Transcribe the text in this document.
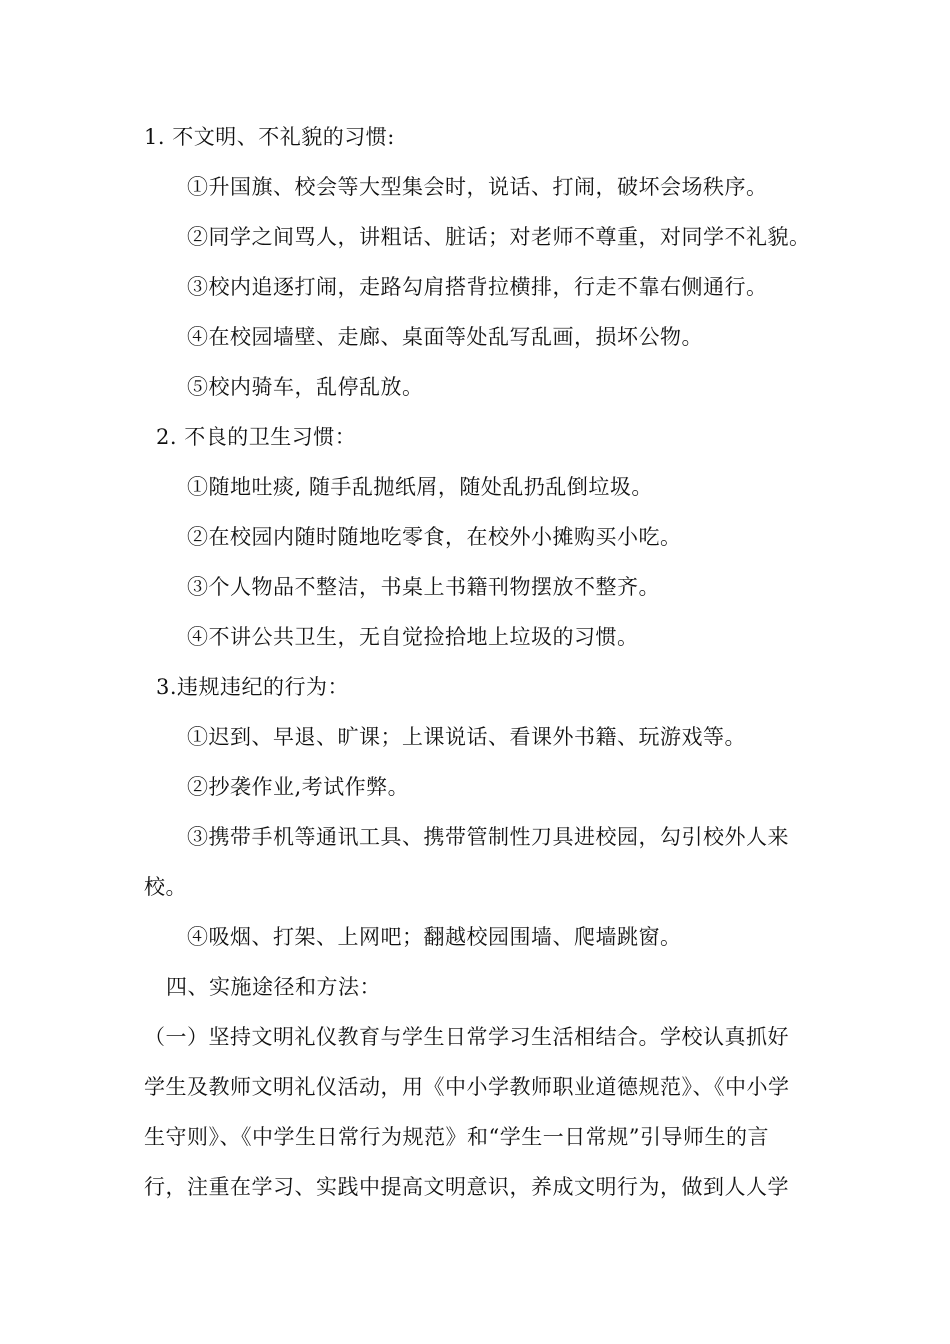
1. 不文明、不礼貌的习惯:
①升国旗、校会等大型集会时，说话、打闹，破坏会场秩序。
②同学之间骂人，讲粗话、脏话；对老师不尊重，对同学不礼貌。
③校内追逐打闹，走路勾肩搭背拉横排，行走不靠右侧通行。
④在校园墙壁、走廊、桌面等处乱写乱画，损坏公物。
⑤校内骑车，乱停乱放。
2. 不良的卫生习惯：
①随地吐痰, 随手乱抛纸屑，随处乱扔乱倒垃圾。
②在校园内随时随地吃零食，在校外小摊购买小吃。
③个人物品不整洁，书桌上书籍刊物摆放不整齐。
④不讲公共卫生，无自觉捡拾地上垃圾的习惯。
3.违规违纪的行为：
①迟到、早退、旷课；上课说话、看课外书籍、玩游戏等。
②抄袭作业,考试作弊。
③携带手机等通讯工具、携带管制性刀具进校园，勾引校外人来
校。
④吸烟、打架、上网吧；翻越校园围墙、爬墙跳窗。
四、实施途径和方法：
（一）坚持文明礼仪教育与学生日常学习生活相结合。学校认真抓好
学生及教师文明礼仪活动，用《中小学教师职业道德规范》、《中小学
生守则》、《中学生日常行为规范》和“学生一日常规”引导师生的言
行，注重在学习、实践中提高文明意识，养成文明行为，做到人人学
